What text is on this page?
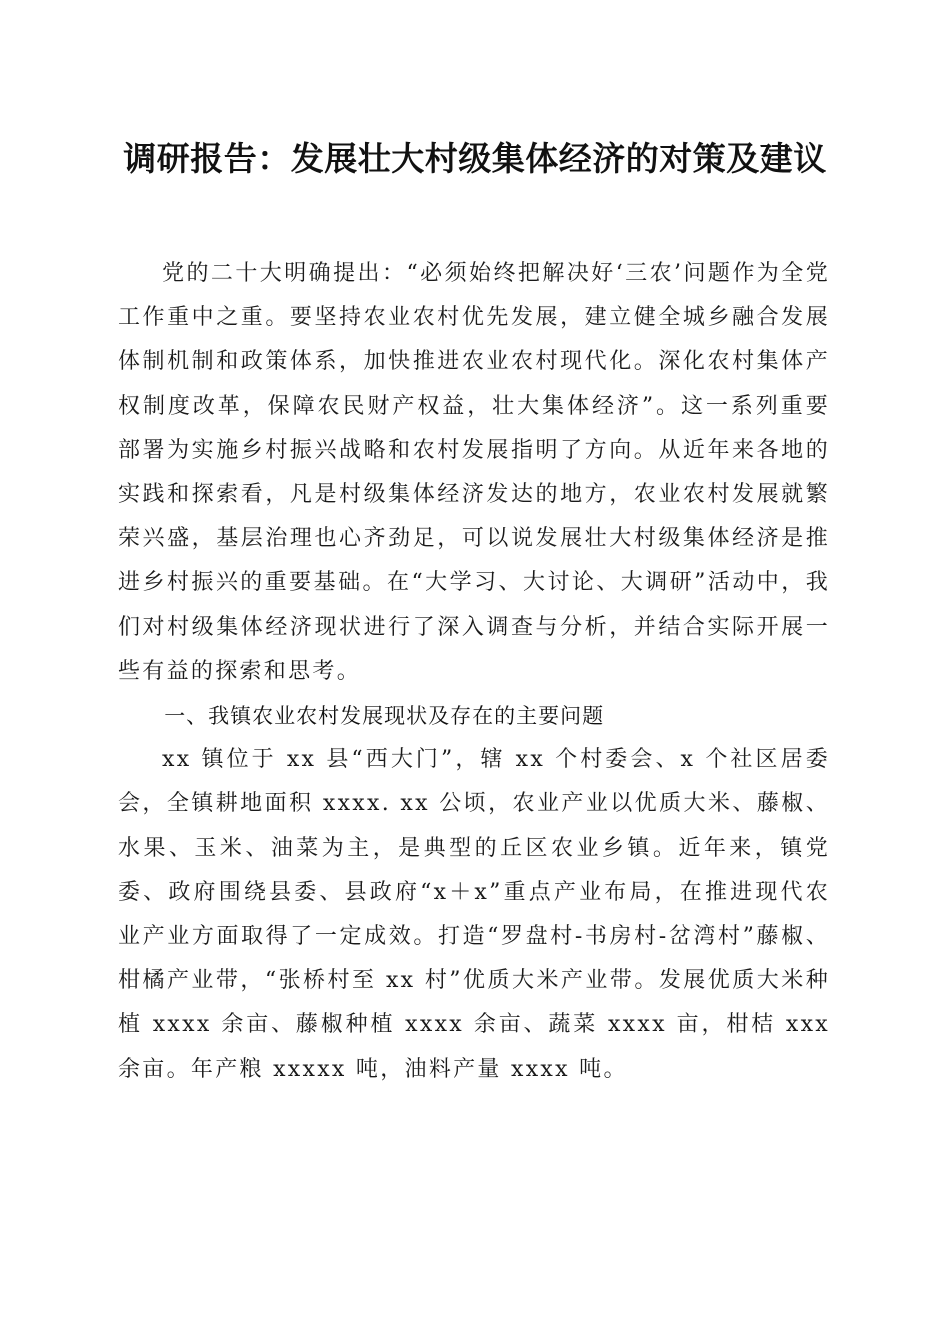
调研报告：发展壮大村级集体经济的对策及建议

党的二十大明确提出：“必须始终把解决好‘三农’问题作为全党工作重中之重。要坚持农业农村优先发展，建立健全城乡融合发展体制机制和政策体系，加快推进农业农村现代化。深化农村集体产权制度改革，保障农民财产权益，壮大集体经济”。这一系列重要部署为实施乡村振兴战略和农村发展指明了方向。从近年来各地的实践和探索看，凡是村级集体经济发达的地方，农业农村发展就繁荣兴盛，基层治理也心齐劲足，可以说发展壮大村级集体经济是推进乡村振兴的重要基础。在“大学习、大讨论、大调研”活动中，我们对村级集体经济现状进行了深入调查与分析，并结合实际开展一些有益的探索和思考。

一、我镇农业农村发展现状及存在的主要问题

xx 镇位于 xx 县“西大门”，辖 xx 个村委会、x 个社区居委会，全镇耕地面积 xxxx. xx 公顷，农业产业以优质大米、藤椒、水果、玉米、油菜为主，是典型的丘区农业乡镇。近年来，镇党委、政府围绕县委、县政府“x＋x”重点产业布局，在推进现代农业产业方面取得了一定成效。打造“罗盘村-书房村-岔湾村”藤椒、柑橘产业带，“张桥村至 xx 村”优质大米产业带。发展优质大米种植 xxxx 余亩、藤椒种植 xxxx 余亩、蔬菜 xxxx 亩，柑桔 xxx 余亩。年产粮 xxxxx 吨，油料产量 xxxx 吨。
